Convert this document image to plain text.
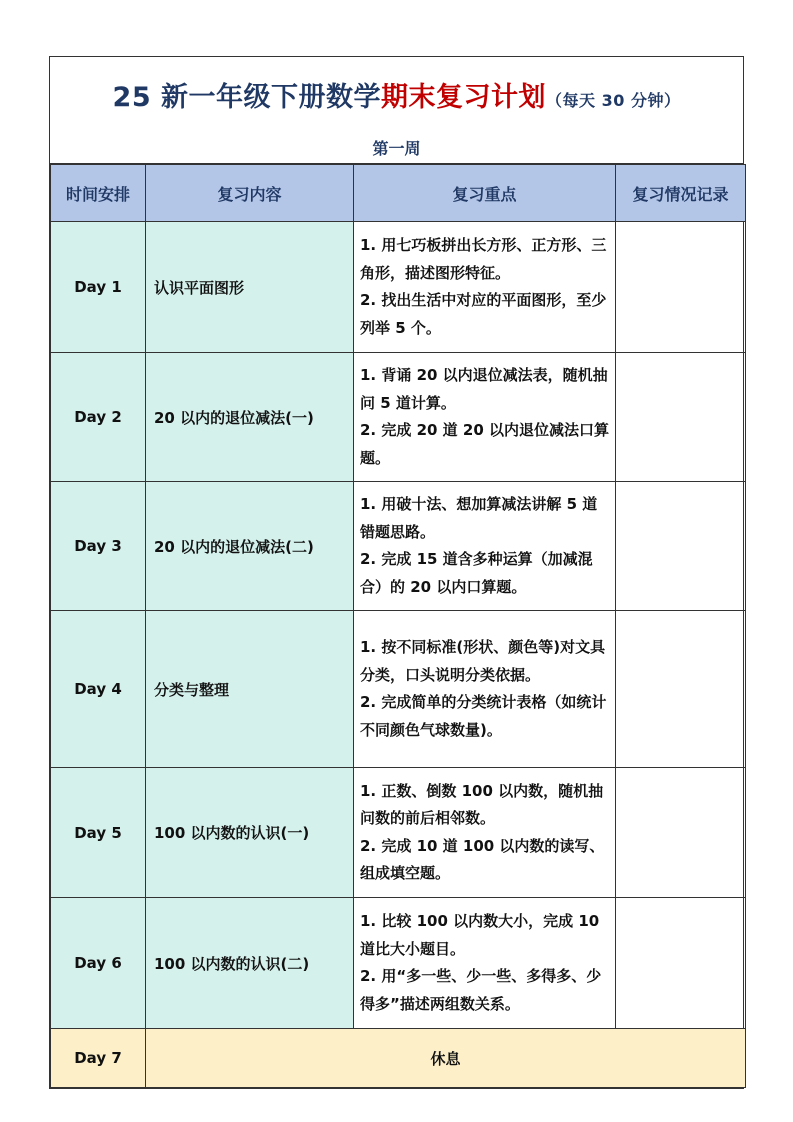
25 新一年级下册数学期末复习计划（每天 30 分钟）
第一周
时间安排	复习内容	复习重点	复习情况记录
Day 1	认识平面图形	1. 用七巧板拼出长方形、正方形、三角形，描述图形特征。
2. 找出生活中对应的平面图形，至少列举 5 个。	

Day 2	20 以内的退位减法(一)	1. 背诵 20 以内退位减法表，随机抽问 5 道计算。
2. 完成 20 道 20 以内退位减法口算题。	

Day 3	20 以内的退位减法(二)	1. 用破十法、想加算减法讲解 5 道错题思路。
2. 完成 15 道含多种运算（加减混合）的 20 以内口算题。	

Day 4	分类与整理	1. 按不同标准(形状、颜色等)对文具分类，口头说明分类依据。
2. 完成简单的分类统计表格（如统计不同颜色气球数量)。	

Day 5	100 以内数的认识(一)	1. 正数、倒数 100 以内数，随机抽问数的前后相邻数。
2. 完成 10 道 100 以内数的读写、组成填空题。	

Day 6	100 以内数的认识(二)	1. 比较 100 以内数大小，完成 10 道比大小题目。
2. 用“多一些、少一些、多得多、少得多”描述两组数关系。	

Day 7	休息		
